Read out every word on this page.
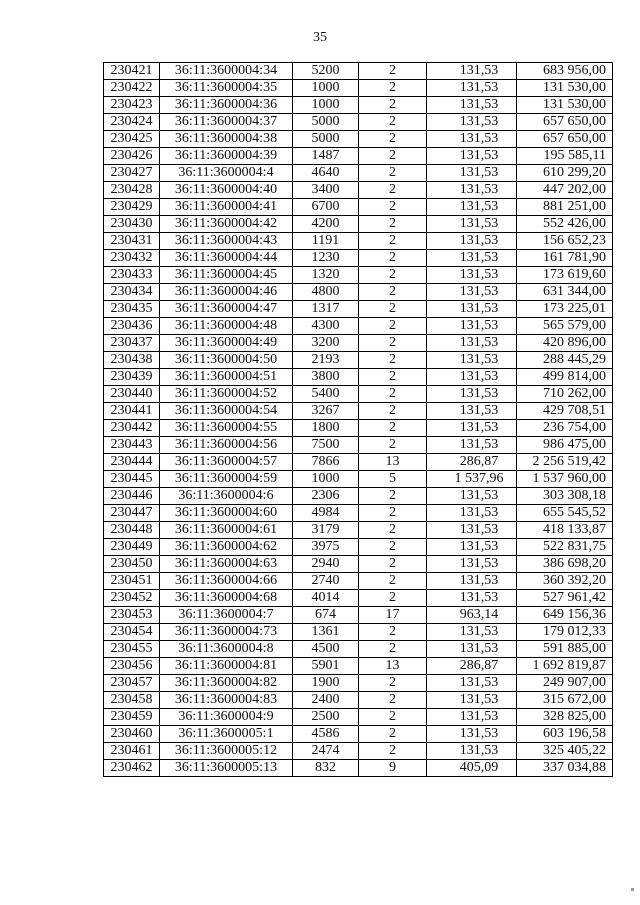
35
230421	36:11:3600004:34	5200	2	131,53	683 956,00
230422	36:11:3600004:35	1000	2	131,53	131 530,00
230423	36:11:3600004:36	1000	2	131,53	131 530,00
230424	36:11:3600004:37	5000	2	131,53	657 650,00
230425	36:11:3600004:38	5000	2	131,53	657 650,00
230426	36:11:3600004:39	1487	2	131,53	195 585,11
230427	36:11:3600004:4	4640	2	131,53	610 299,20
230428	36:11:3600004:40	3400	2	131,53	447 202,00
230429	36:11:3600004:41	6700	2	131,53	881 251,00
230430	36:11:3600004:42	4200	2	131,53	552 426,00
230431	36:11:3600004:43	1191	2	131,53	156 652,23
230432	36:11:3600004:44	1230	2	131,53	161 781,90
230433	36:11:3600004:45	1320	2	131,53	173 619,60
230434	36:11:3600004:46	4800	2	131,53	631 344,00
230435	36:11:3600004:47	1317	2	131,53	173 225,01
230436	36:11:3600004:48	4300	2	131,53	565 579,00
230437	36:11:3600004:49	3200	2	131,53	420 896,00
230438	36:11:3600004:50	2193	2	131,53	288 445,29
230439	36:11:3600004:51	3800	2	131,53	499 814,00
230440	36:11:3600004:52	5400	2	131,53	710 262,00
230441	36:11:3600004:54	3267	2	131,53	429 708,51
230442	36:11:3600004:55	1800	2	131,53	236 754,00
230443	36:11:3600004:56	7500	2	131,53	986 475,00
230444	36:11:3600004:57	7866	13	286,87	2 256 519,42
230445	36:11:3600004:59	1000	5	1 537,96	1 537 960,00
230446	36:11:3600004:6	2306	2	131,53	303 308,18
230447	36:11:3600004:60	4984	2	131,53	655 545,52
230448	36:11:3600004:61	3179	2	131,53	418 133,87
230449	36:11:3600004:62	3975	2	131,53	522 831,75
230450	36:11:3600004:63	2940	2	131,53	386 698,20
230451	36:11:3600004:66	2740	2	131,53	360 392,20
230452	36:11:3600004:68	4014	2	131,53	527 961,42
230453	36:11:3600004:7	674	17	963,14	649 156,36
230454	36:11:3600004:73	1361	2	131,53	179 012,33
230455	36:11:3600004:8	4500	2	131,53	591 885,00
230456	36:11:3600004:81	5901	13	286,87	1 692 819,87
230457	36:11:3600004:82	1900	2	131,53	249 907,00
230458	36:11:3600004:83	2400	2	131,53	315 672,00
230459	36:11:3600004:9	2500	2	131,53	328 825,00
230460	36:11:3600005:1	4586	2	131,53	603 196,58
230461	36:11:3600005:12	2474	2	131,53	325 405,22
230462	36:11:3600005:13	832	9	405,09	337 034,88
